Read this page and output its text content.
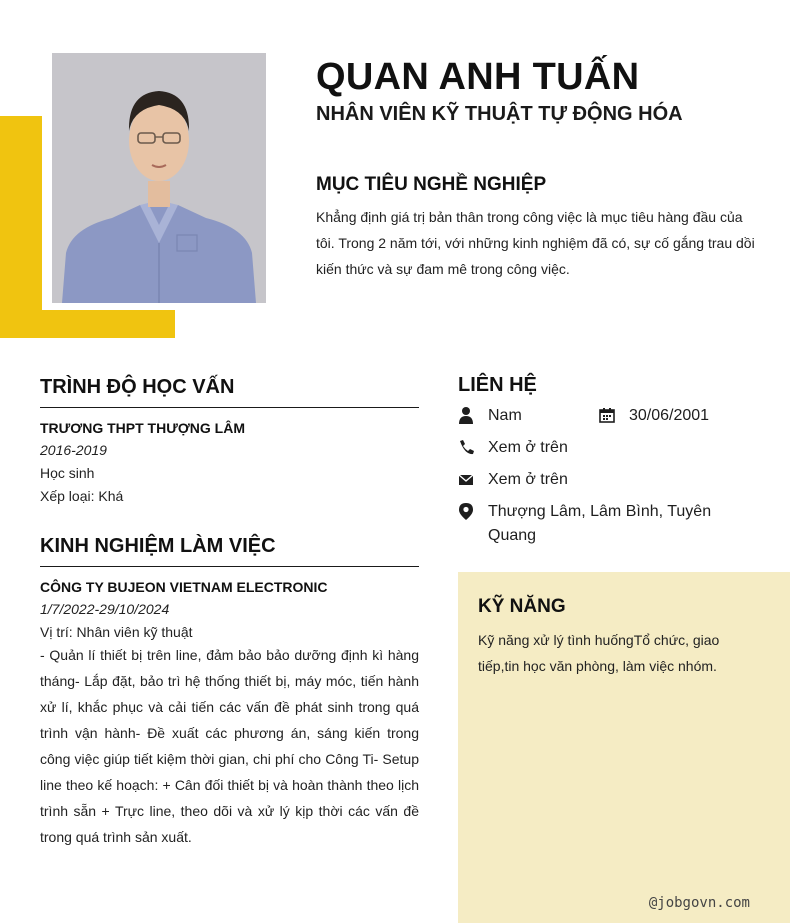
QUAN ANH TUẤN
NHÂN VIÊN KỸ THUẬT TỰ ĐỘNG HÓA
MỤC TIÊU NGHỀ NGHIỆP
Khẳng định giá trị bản thân trong công việc là mục tiêu hàng đầu của tôi. Trong 2 năm tới, với những kinh nghiệm đã có, sự cố gắng trau dồi kiến thức và sự đam mê trong công việc.
TRÌNH ĐỘ HỌC VẤN
TRƯƠNG THPT THƯỢNG LÂM
2016-2019
Học sinh
Xếp loại: Khá
KINH NGHIỆM LÀM VIỆC
CÔNG TY BUJEON VIETNAM ELECTRONIC
1/7/2022-29/10/2024
Vị trí: Nhân viên kỹ thuật
- Quản lí thiết bị trên line, đảm bảo bảo dưỡng định kì hàng tháng- Lắp đặt, bảo trì hệ thống thiết bị, máy móc, tiến hành xử lí, khắc phục và cải tiến các vấn đề phát sinh trong quá trình vận hành- Đề xuất các phương án, sáng kiến trong công việc giúp tiết kiệm thời gian, chi phí cho Công Ti- Setup line theo kế hoạch: + Cân đối thiết bị và hoàn thành theo lịch trình sẵn + Trực line, theo dõi và xử lý kịp thời các vấn đề trong quá trình sản xuất.
LIÊN HỆ
Nam	30/06/2001
Xem ở trên
Xem ở trên
Thượng Lâm, Lâm Bình, Tuyên Quang
KỸ NĂNG
Kỹ năng xử lý tình huốngTổ chức, giao tiếp,tin học văn phòng, làm việc nhóm.
@jobgovn.com
